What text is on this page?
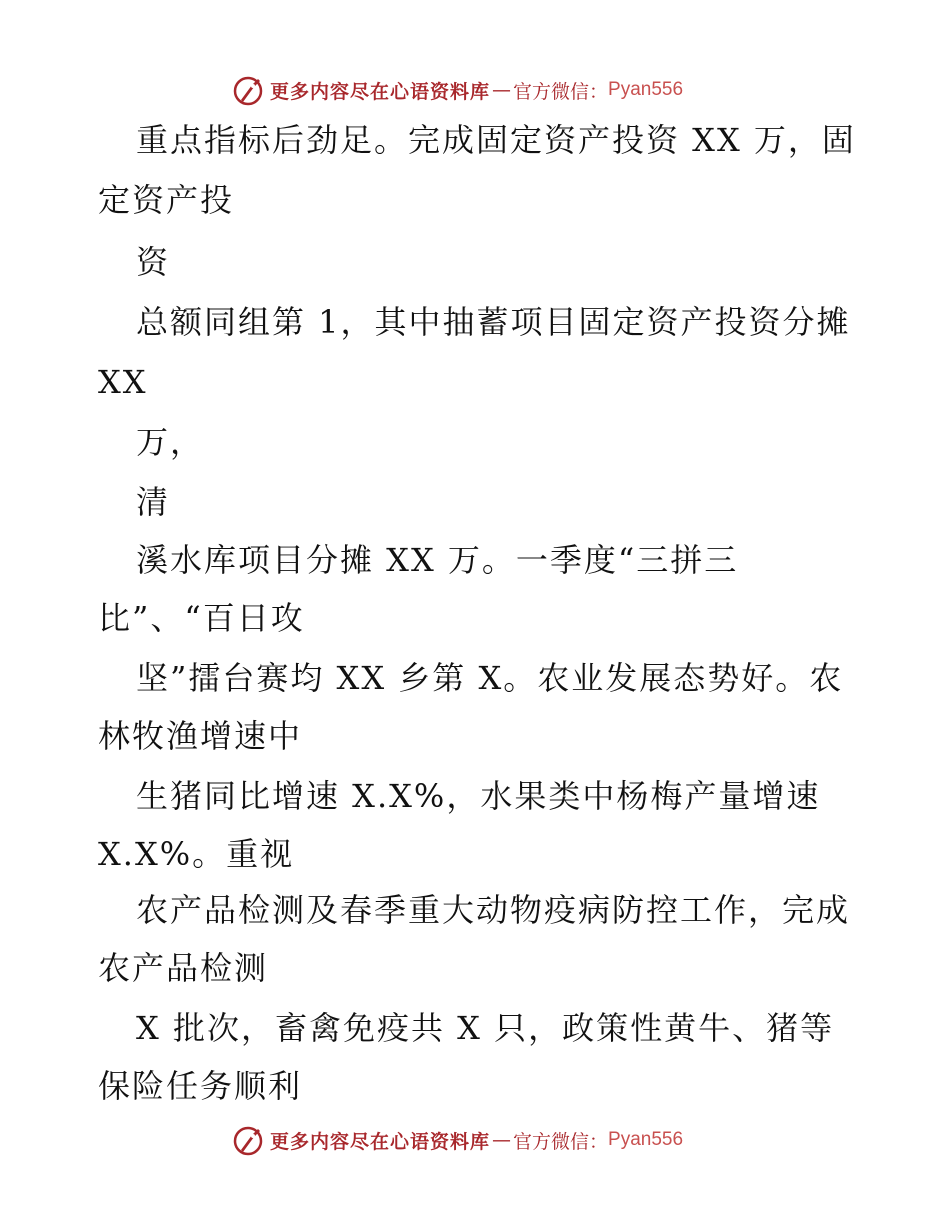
更多内容尽在心语资料库 — 官方微信： Pyan556
重点指标后劲足。完成固定资产投资 XX 万，固
定资产投
资
总额同组第 1，其中抽蓄项目固定资产投资分摊
XX
万，
清
溪水库项目分摊 XX 万。一季度“三拼三
比”、“百日攻
坚”擂台赛均 XX 乡第 X。农业发展态势好。农
林牧渔增速中
生猪同比增速 X.X%，水果类中杨梅产量增速
X.X%。重视
农产品检测及春季重大动物疫病防控工作，完成
农产品检测
X 批次，畜禽免疫共 X 只，政策性黄牛、猪等
保险任务顺利
更多内容尽在心语资料库 — 官方微信： Pyan556
